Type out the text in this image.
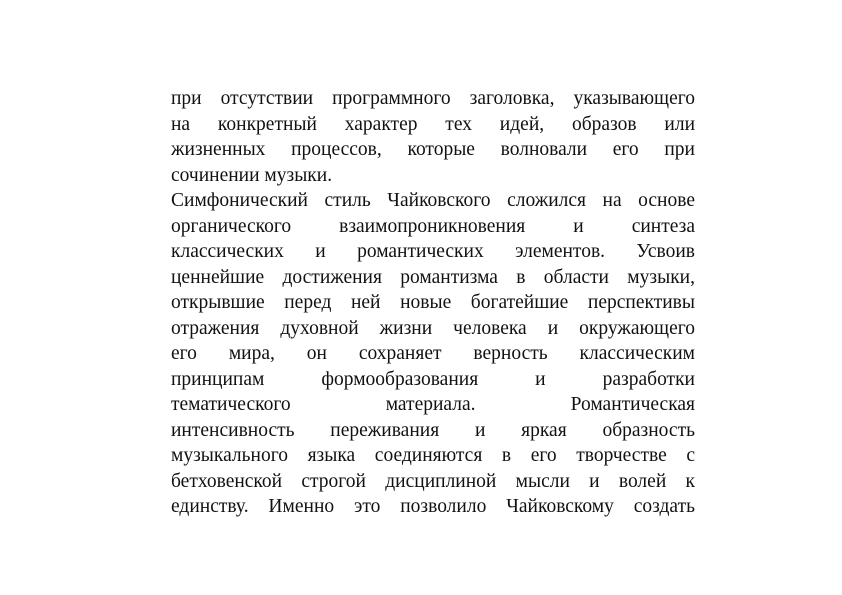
при отсутствии программного заголовка, указывающего
на конкретный характер тех идей, образов или
жизненных процессов, которые волновали его при
сочинении музыки.
Симфонический стиль Чайковского сложился на основе
органического взаимопроникновения и синтеза
классических и романтических элементов. Усвоив
ценнейшие достижения романтизма в области музыки,
открывшие перед ней новые богатейшие перспективы
отражения духовной жизни человека и окружающего
его мира, он сохраняет верность классическим
принципам формообразования и разработки
тематического материала. Романтическая
интенсивность переживания и яркая образность
музыкального языка соединяются в его творчестве с
бетховенской строгой дисциплиной мысли и волей к
единству. Именно это позволило Чайковскому создать
